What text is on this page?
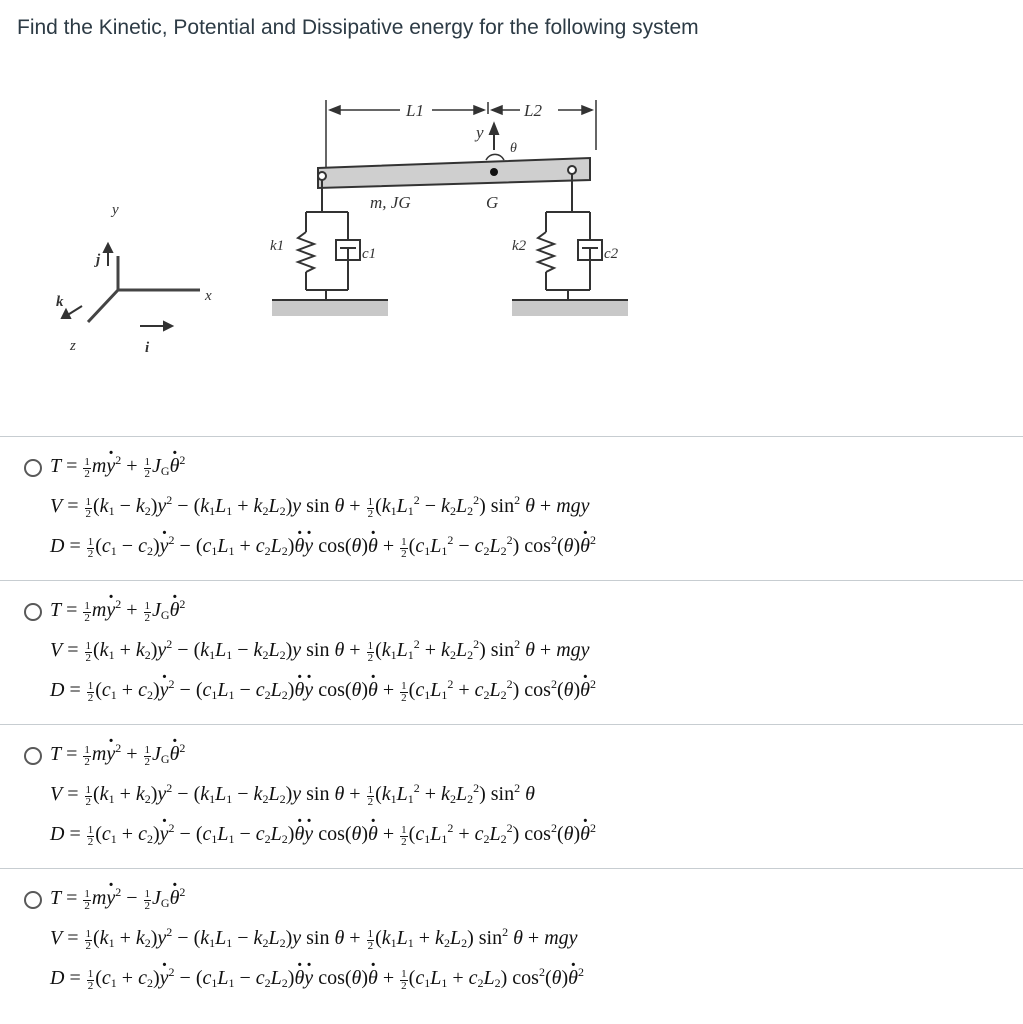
Find the Kinetic, Potential and Dissipative energy for the following system
y
x
z
j
i
k
L1	L2
y
θ
m, JG	G
k1	c1	k2	c2
$T = \frac{1}{2}$ my $\cdot^2 + \frac{1}{2} J_G\theta \cdot^2$
$V = \frac{1}{2} (k_1 - k_2)y^2 - (k_1L_1 + k_2L_2)y$ $\sin \theta + \frac{1}{2} (k_1L_1^2 - k_2L_2^2)$ $\sin^2 \theta$ + mgy
$D = \frac{1}{2} (c_1 - c_2)y \cdot^2 - (c_1L_1 + c_2L_2)\theta \cdot y \cdot \cos(\theta)\theta$ · + $\frac{1}{2} (c_1L_1^2 - c_2L_2^2)$ $\cos^2(\theta)\theta \cdot^2$
$T = \frac{1}{2}$ my $\cdot^2 + \frac{1}{2} J_G\theta \cdot^2$
$V = \frac{1}{2} (k_1 + k_2)y^2 - (k_1L_1 - k_2L_2)y$ $\sin \theta + \frac{1}{2} (k_1L_1^2 + k_2L_2^2)$ $\sin^2 \theta$ + mgy
$D = \frac{1}{2} (c_1 + c_2)y \cdot^2 - (c_1L_1 - c_2L_2)\theta \cdot y \cdot \cos(\theta)\theta$ · + $\frac{1}{2} (c_1L_1^2 + c_2L_2^2)$ $\cos^2(\theta)\theta \cdot^2$
$T = \frac{1}{2}$ my $\cdot^2 + \frac{1}{2} J_G\theta \cdot^2$
$V = \frac{1}{2} (k_1 + k_2)y^2 - (k_1L_1 - k_2L_2)y$ $\sin \theta + \frac{1}{2} (k_1L_1^2 + k_2L_2^2)$ $\sin^2 \theta$
$D = \frac{1}{2} (c_1 + c_2)y \cdot^2 - (c_1L_1 - c_2L_2)\theta \cdot y \cdot \cos(\theta)\theta$ · + $\frac{1}{2} (c_1L_1^2 + c_2L_2^2)$ $\cos^2(\theta)\theta \cdot^2$
$T = \frac{1}{2}$ my $\cdot^2 - \frac{1}{2} J_G\theta \cdot^2$
$V = \frac{1}{2} (k_1 + k_2)y^2 - (k_1L_1 - k_2L_2)y$ $\sin \theta + \frac{1}{2} (k_1L_1 + k_2L_2)$ $\sin^2 \theta$ + mgy
$D = \frac{1}{2} (c_1 + c_2)y \cdot^2 - (c_1L_1 - c_2L_2)\theta \cdot y \cdot \cos(\theta)\theta$ · + $\frac{1}{2} (c_1L_1 + c_2L_2)$ $\cos^2(\theta)\theta \cdot^2$
